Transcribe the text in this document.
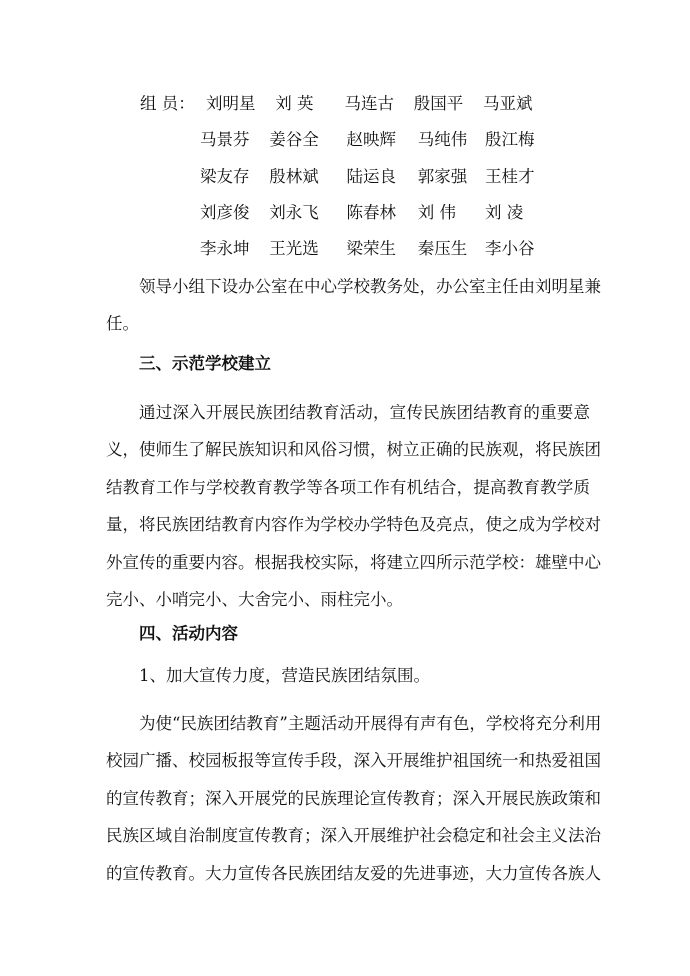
组 员： 刘明星 刘 英 马连古 殷国平 马亚斌
马景芬 姜谷全 赵映辉 马纯伟 殷江梅
梁友存 殷林斌 陆运良 郭家强 王桂才
刘彦俊 刘永飞 陈春林 刘 伟 刘 凌
李永坤 王光选 梁荣生 秦压生 李小谷
领导小组下设办公室在中心学校教务处，办公室主任由刘明星兼
任。
三、示范学校建立
通过深入开展民族团结教育活动，宣传民族团结教育的重要意
义，使师生了解民族知识和风俗习惯，树立正确的民族观，将民族团
结教育工作与学校教育教学等各项工作有机结合，提高教育教学质
量，将民族团结教育内容作为学校办学特色及亮点，使之成为学校对
外宣传的重要内容。根据我校实际，将建立四所示范学校：雄壁中心
完小、小哨完小、大舍完小、雨柱完小。
四、活动内容
1、加大宣传力度，营造民族团结氛围。
为使“民族团结教育”主题活动开展得有声有色，学校将充分利用
校园广播、校园板报等宣传手段，深入开展维护祖国统一和热爱祖国
的宣传教育；深入开展党的民族理论宣传教育；深入开展民族政策和
民族区域自治制度宣传教育；深入开展维护社会稳定和社会主义法治
的宣传教育。大力宣传各民族团结友爱的先进事迹，大力宣传各族人
